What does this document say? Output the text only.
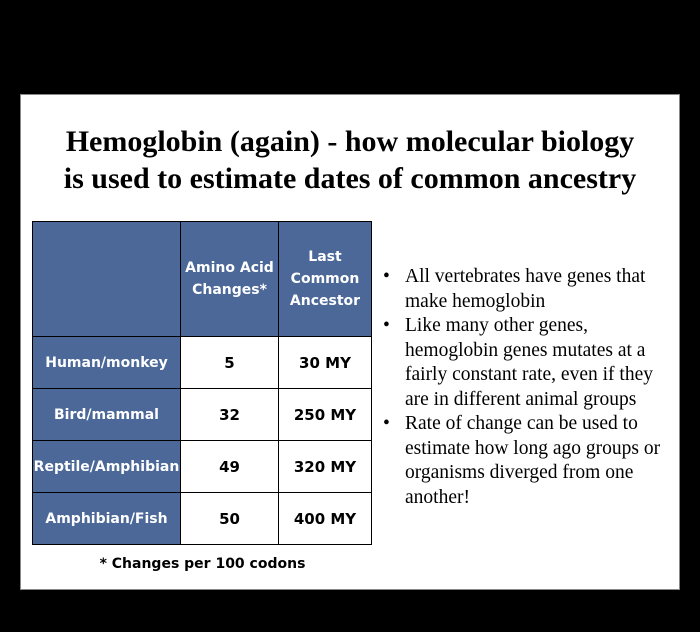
Hemoglobin (again) - how molecular biology
is used to estimate dates of common ancestry
	Amino Acid Changes*	Last Common Ancestor
Human/monkey	5	30 MY
Bird/mammal	32	250 MY
Reptile/Amphibian	49	320 MY
Amphibian/Fish	50	400 MY
* Changes per 100 codons
• All vertebrates have genes that make hemoglobin
• Like many other genes, hemoglobin genes mutates at a fairly constant rate, even if they are in different animal groups
• Rate of change can be used to estimate how long ago groups or organisms diverged from one another!
